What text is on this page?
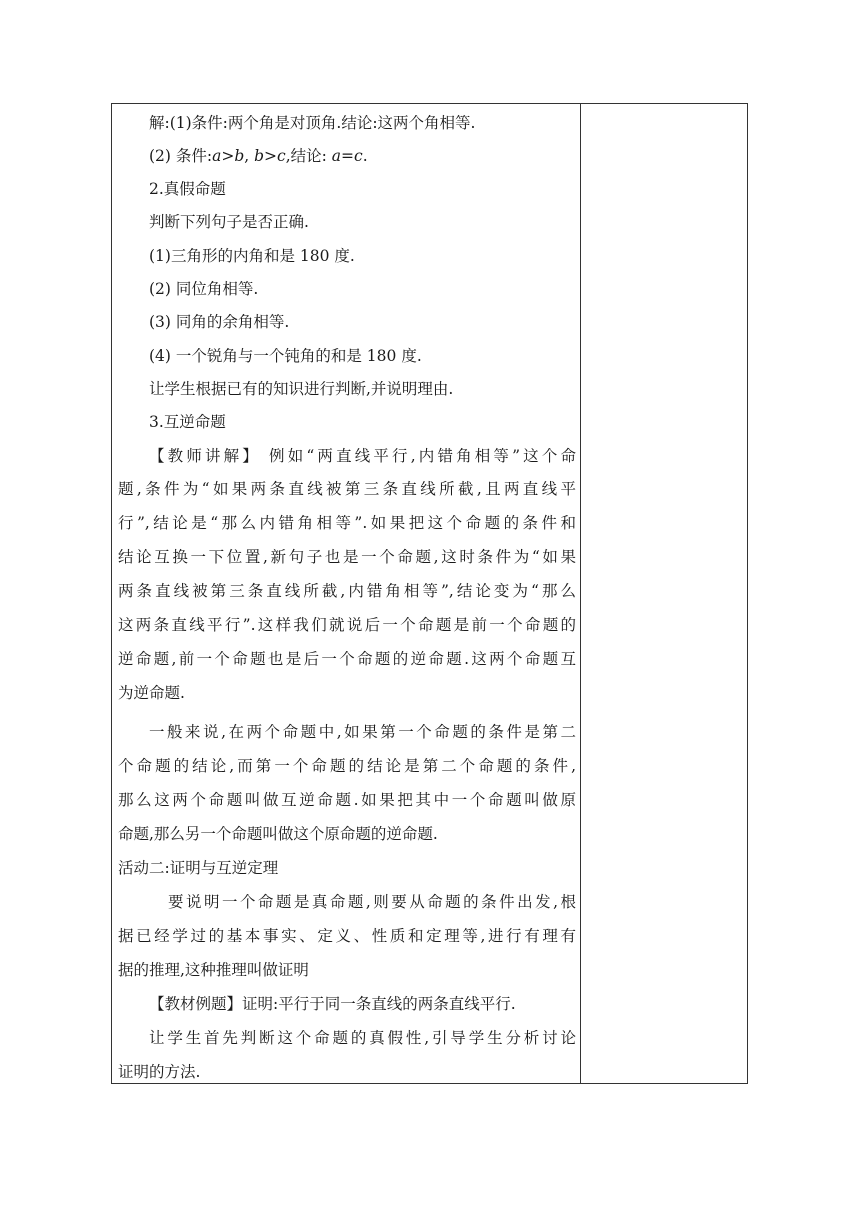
解:(1)条件:两个角是对顶角.结论:这两个角相等.
(2) 条件:a>b, b>c,结论: a=c.
2.真假命题
判断下列句子是否正确.
(1)三角形的内角和是 180 度.
(2) 同位角相等.
(3) 同角的余角相等.
(4) 一个锐角与一个钝角的和是 180 度.
让学生根据已有的知识进行判断,并说明理由.
3.互逆命题
【教师讲解】 例如“两直线平行,内错角相等”这个命
题,条件为“如果两条直线被第三条直线所截,且两直线平
行”,结论是“那么内错角相等”.如果把这个命题的条件和
结论互换一下位置,新句子也是一个命题,这时条件为“如果
两条直线被第三条直线所截,内错角相等”,结论变为“那么
这两条直线平行”.这样我们就说后一个命题是前一个命题的
逆命题,前一个命题也是后一个命题的逆命题.这两个命题互
为逆命题.
一般来说,在两个命题中,如果第一个命题的条件是第二
个命题的结论,而第一个命题的结论是第二个命题的条件,
那么这两个命题叫做互逆命题.如果把其中一个命题叫做原
命题,那么另一个命题叫做这个原命题的逆命题.
活动二:证明与互逆定理
要说明一个命题是真命题,则要从命题的条件出发,根
据已经学过的基本事实、定义、性质和定理等,进行有理有
据的推理,这种推理叫做证明
【教材例题】证明:平行于同一条直线的两条直线平行.
让学生首先判断这个命题的真假性,引导学生分析讨论
证明的方法.
